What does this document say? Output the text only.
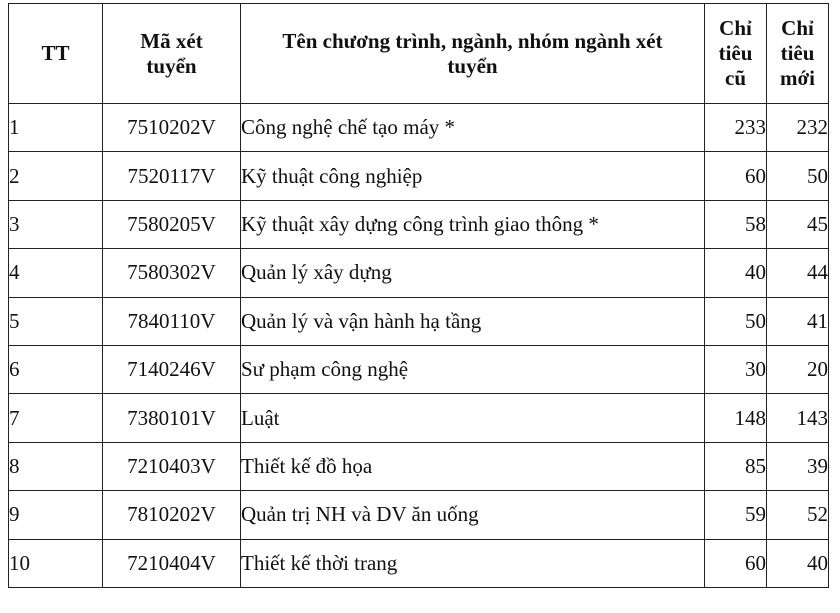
TT	Mã xét tuyển	Tên chương trình, ngành, nhóm ngành xét tuyển	Chỉ tiêu cũ	Chỉ tiêu mới

1	7510202V	Công nghệ chế tạo máy *	233	232
2	7520117V	Kỹ thuật công nghiệp	60	50
3	7580205V	Kỹ thuật xây dựng công trình giao thông *	58	45
4	7580302V	Quản lý xây dựng	40	44
5	7840110V	Quản lý và vận hành hạ tầng	50	41
6	7140246V	Sư phạm công nghệ	30	20
7	7380101V	Luật	148	143
8	7210403V	Thiết kế đồ họa	85	39
9	7810202V	Quản trị NH và DV ăn uống	59	52
10	7210404V	Thiết kế thời trang	60	40
